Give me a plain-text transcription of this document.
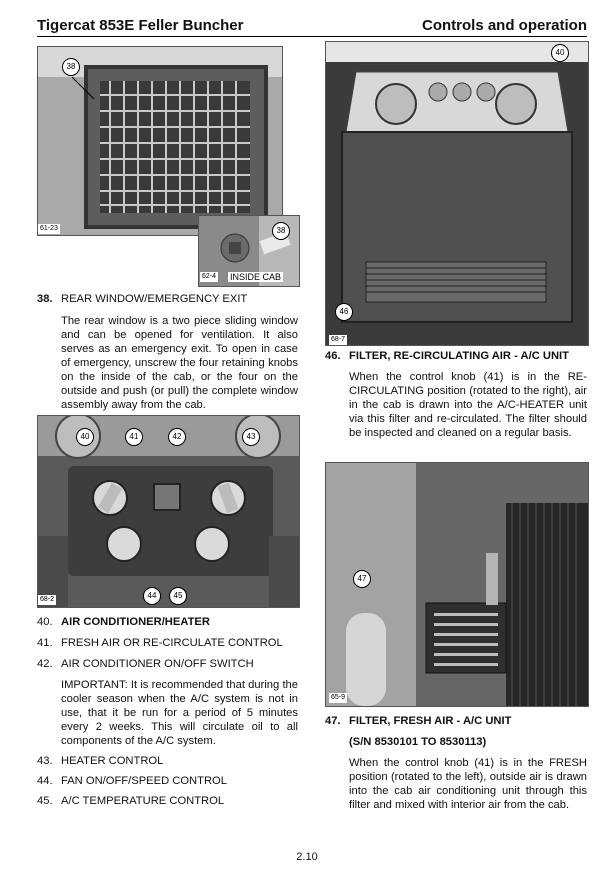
Tigercat 853E Feller Buncher	Controls and operation
61-23
38
38
62-4 INSIDE CAB
38. REAR WINDOW/EMERGENCY EXIT
The rear window is a two piece sliding window and can be opened for ventilation. It also serves as an emergency exit. To open in case of emergency, unscrew the four retaining knobs on the inside of the cab, or the four on the outside and push (or pull) the complete window assembly away from the cab.
68-2
40	41	42	43
44	45
40. AIR CONDITIONER/HEATER
41. FRESH AIR OR RE-CIRCULATE CONTROL
42. AIR CONDITIONER ON/OFF SWITCH
IMPORTANT: It is recommended that during the cooler season when the A/C system is not in use, that it be run for a period of 5 minutes every 2 weeks. This will circulate oil to all components of the A/C system.
43. HEATER CONTROL
44. FAN ON/OFF/SPEED CONTROL
45. A/C TEMPERATURE CONTROL
40
46
68-7
46. FILTER, RE-CIRCULATING AIR - A/C UNIT
When the control knob (41) is in the RE-CIRCULATING position (rotated to the right), air in the cab is drawn into the A/C-HEATER unit via this filter and re-circulated. The filter should be inspected and cleaned on a regular basis.
47
65-9
47. FILTER, FRESH AIR - A/C UNIT
(S/N 8530101 TO 8530113)
When the control knob (41) is in the FRESH position (rotated to the left), outside air is drawn into the cab air conditioning unit through this filter and mixed with interior air from the cab.
2.10
